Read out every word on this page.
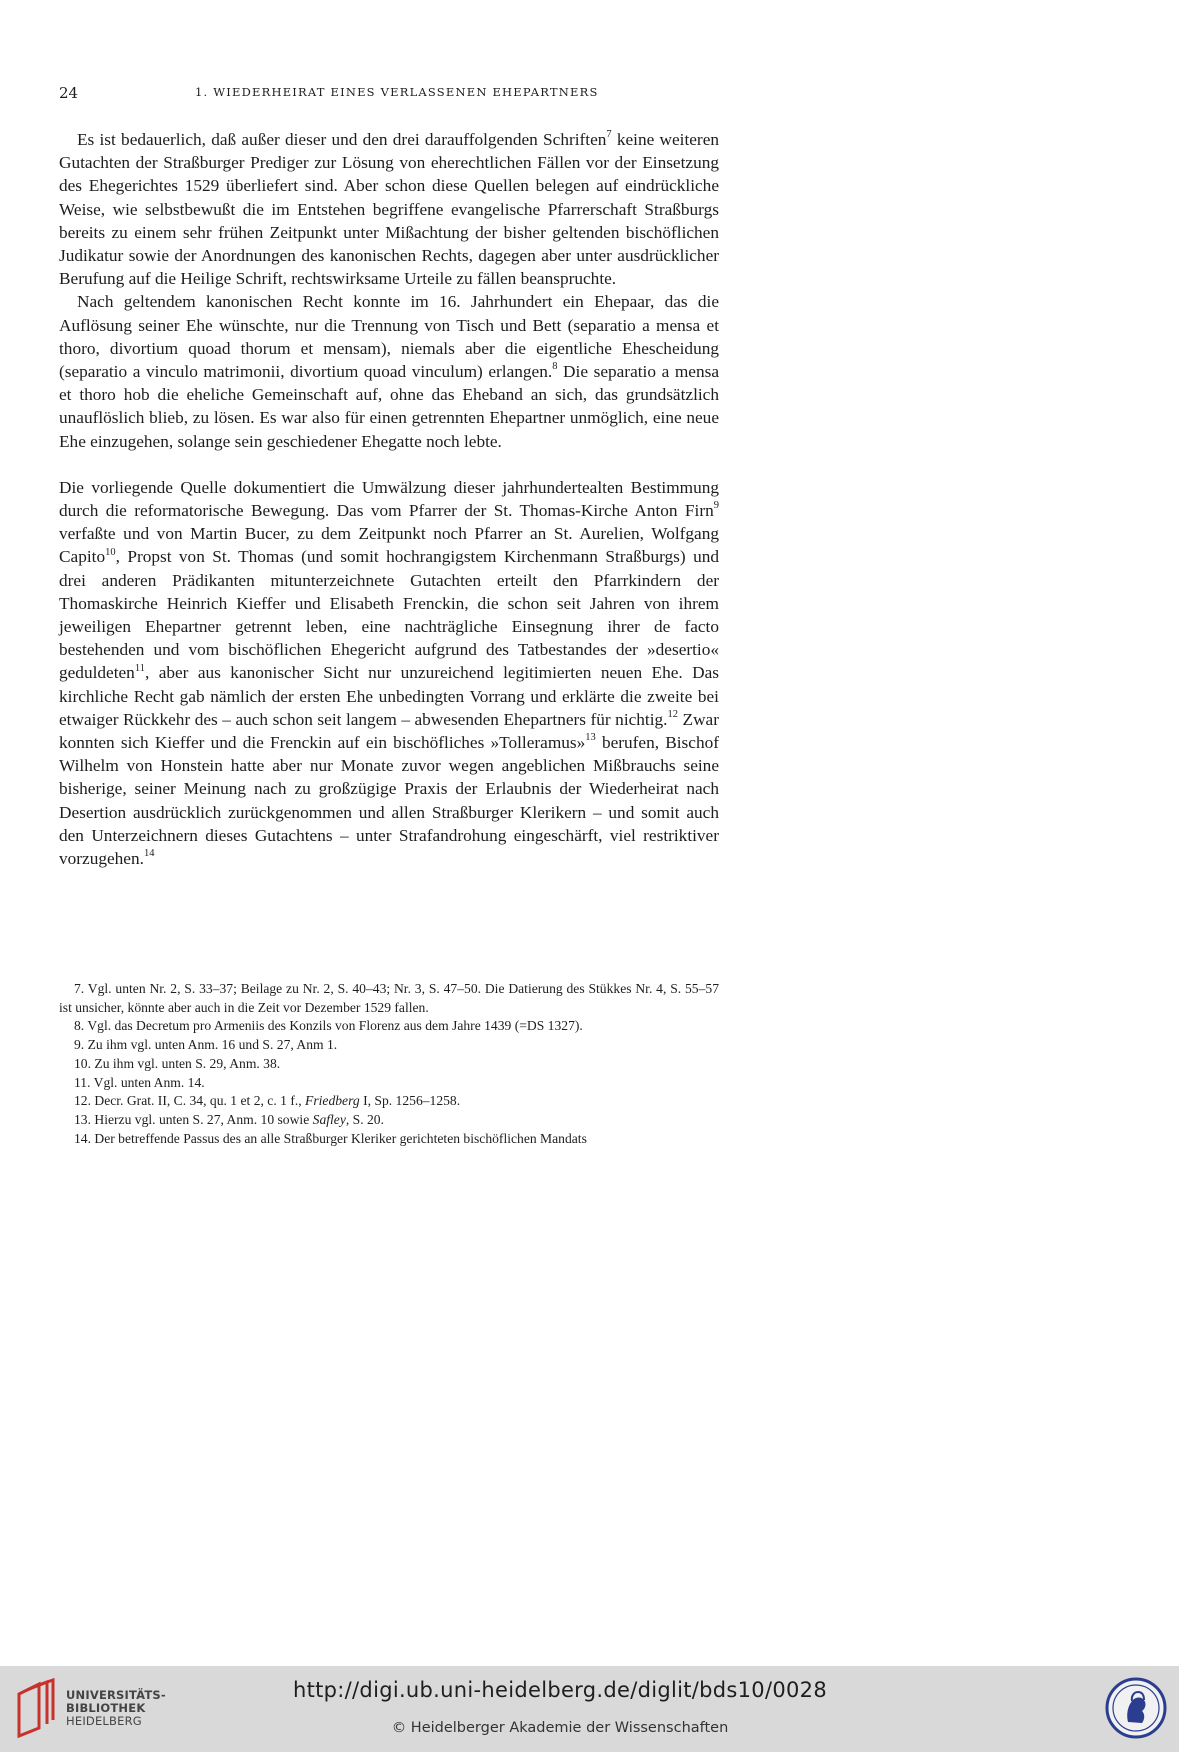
24	1. WIEDERHEIRAT EINES VERLASSENEN EHEPARTNERS

Es ist bedauerlich, daß außer dieser und den drei darauffolgenden Schriften$^7$ keine weiteren Gutachten der Straßburger Prediger zur Lösung von eherechtlichen Fällen vor der Einsetzung des Ehegerichtes 1529 überliefert sind. Aber schon diese Quellen belegen auf eindrückliche Weise, wie selbstbewußt die im Entstehen begriffene evangelische Pfarrerschaft Straßburgs bereits zu einem sehr frühen Zeitpunkt unter Mißachtung der bisher geltenden bischöflichen Judikatur sowie der Anordnungen des kanonischen Rechts, dagegen aber unter ausdrücklicher Berufung auf die Heilige Schrift, rechtswirksame Urteile zu fällen beanspruchte.

Nach geltendem kanonischen Recht konnte im 16. Jahrhundert ein Ehepaar, das die Auflösung seiner Ehe wünschte, nur die Trennung von Tisch und Bett (separatio a mensa et thoro, divortium quoad thorum et mensam), niemals aber die eigentliche Ehescheidung (separatio a vinculo matrimonii, divortium quoad vinculum) erlangen.$^8$ Die separatio a mensa et thoro hob die eheliche Gemeinschaft auf, ohne das Eheband an sich, das grundsätzlich unauflöslich blieb, zu lösen. Es war also für einen getrennten Ehepartner unmöglich, eine neue Ehe einzugehen, solange sein geschiedener Ehegatte noch lebte.

Die vorliegende Quelle dokumentiert die Umwälzung dieser jahrhundertealten Bestimmung durch die reformatorische Bewegung. Das vom Pfarrer der St. Thomas-Kirche Anton Firn$^9$ verfaßte und von Martin Bucer, zu dem Zeitpunkt noch Pfarrer an St. Aurelien, Wolfgang Capito$^{10}$, Propst von St. Thomas (und somit hochrangigstem Kirchenmann Straßburgs) und drei anderen Prädikanten mitunterzeichnete Gutachten erteilt den Pfarrkindern der Thomaskirche Heinrich Kieffer und Elisabeth Frenckin, die schon seit Jahren von ihrem jeweiligen Ehepartner getrennt leben, eine nachträgliche Einsegnung ihrer de facto bestehenden und vom bischöflichen Ehegericht aufgrund des Tatbestandes der »desertio« geduldeten$^{11}$, aber aus kanonischer Sicht nur unzureichend legitimierten neuen Ehe. Das kirchliche Recht gab nämlich der ersten Ehe unbedingten Vorrang und erklärte die zweite bei etwaiger Rückkehr des – auch schon seit langem – abwesenden Ehepartners für nichtig.$^{12}$ Zwar konnten sich Kieffer und die Frenckin auf ein bischöfliches »Tolleramus»$^{13}$ berufen, Bischof Wilhelm von Honstein hatte aber nur Monate zuvor wegen angeblichen Mißbrauchs seine bisherige, seiner Meinung nach zu großzügige Praxis der Erlaubnis der Wiederheirat nach Desertion ausdrücklich zurückgenommen und allen Straßburger Klerikern – und somit auch den Unterzeichnern dieses Gutachtens – unter Strafandrohung eingeschärft, viel restriktiver vorzugehen.$^{14}$

7. Vgl. unten Nr. 2, S. 33–37; Beilage zu Nr. 2, S. 40–43; Nr. 3, S. 47–50. Die Datierung des Stükkes Nr. 4, S. 55–57 ist unsicher, könnte aber auch in die Zeit vor Dezember 1529 fallen.

8. Vgl. das Decretum pro Armeniis des Konzils von Florenz aus dem Jahre 1439 (=DS 1327).

9. Zu ihm vgl. unten Anm. 16 und S. 27, Anm 1.

10. Zu ihm vgl. unten S. 29, Anm. 38.

11. Vgl. unten Anm. 14.

12. Decr. Grat. II, C. 34, qu. 1 et 2, c. 1 f., Friedberg I, Sp. 1256–1258.

13. Hierzu vgl. unten S. 27, Anm. 10 sowie Safley, S. 20.

14. Der betreffende Passus des an alle Straßburger Kleriker gerichteten bischöflichen Mandats

UNIVERSITÄTS-
BIBLIOTHEK
HEIDELBERG
http://digi.ub.uni-heidelberg.de/diglit/bds10/0028
© Heidelberger Akademie der Wissenschaften
